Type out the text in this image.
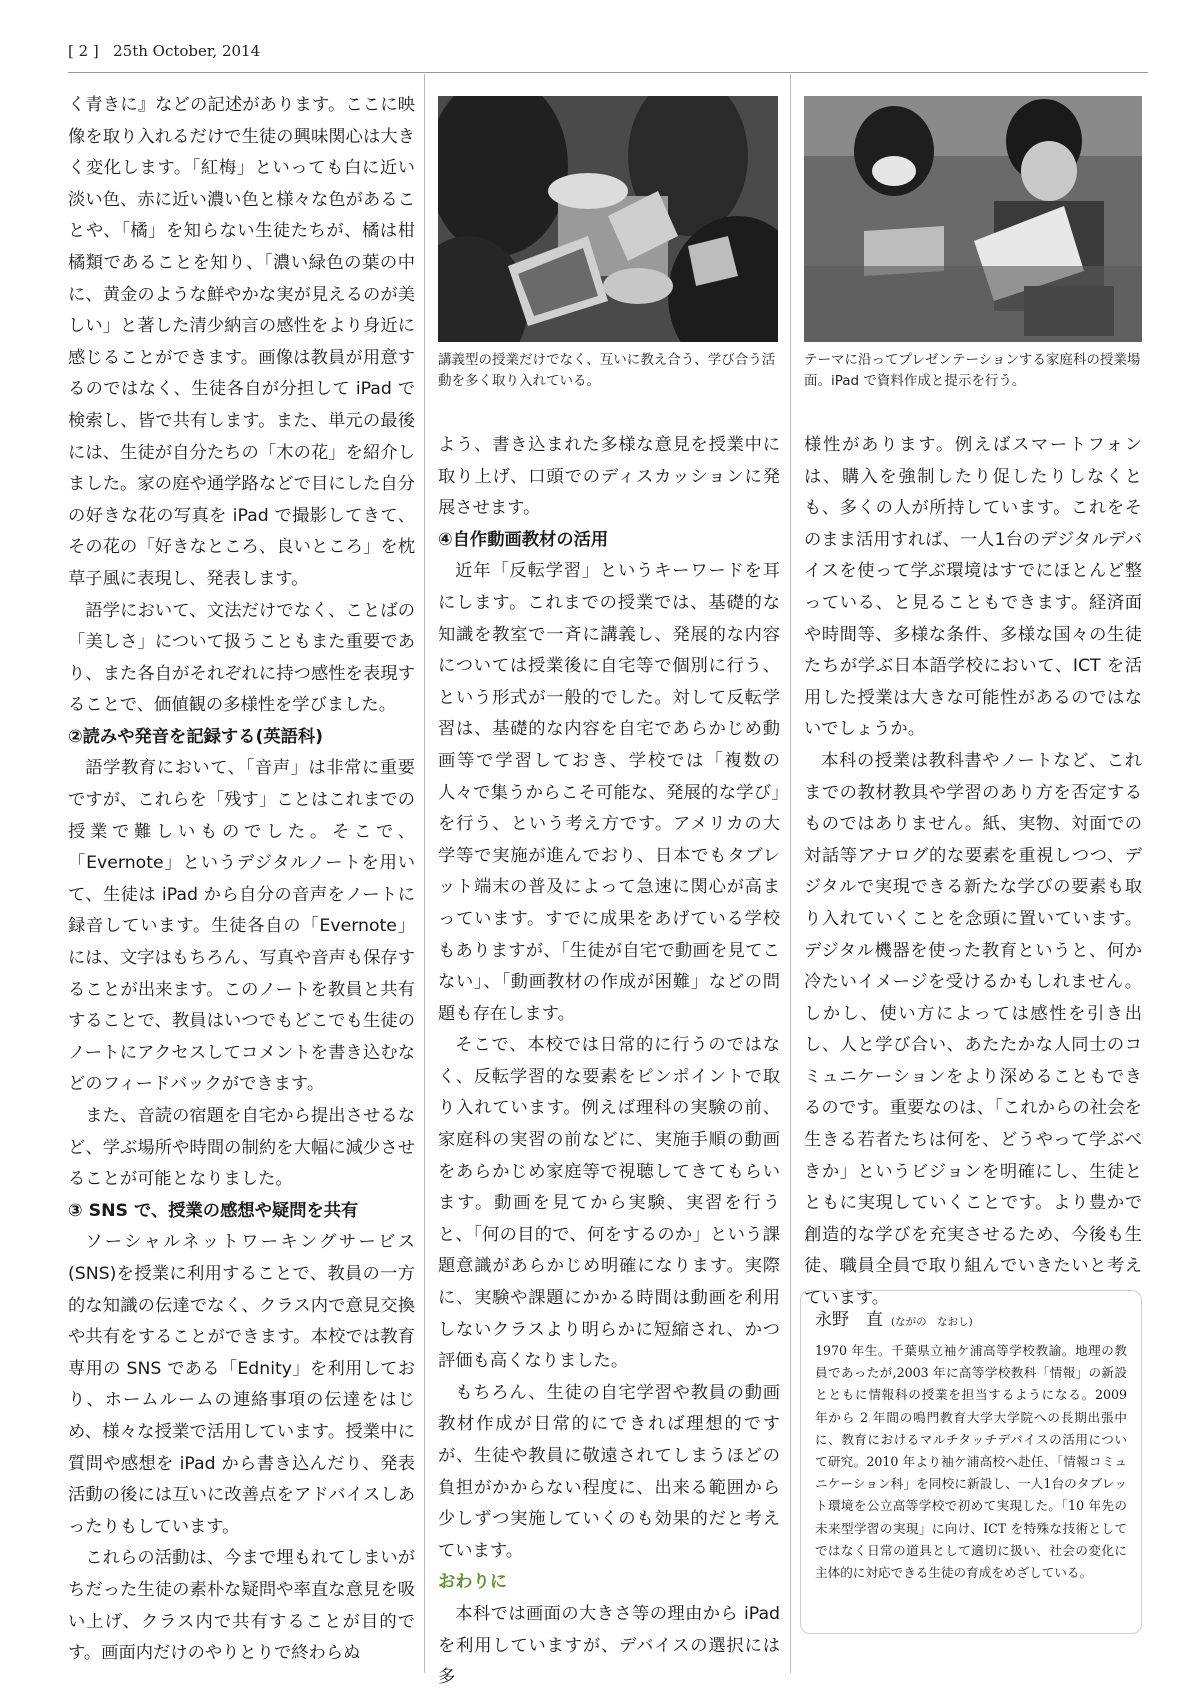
[ 2 ] 25th October, 2014

く青きに』などの記述があります。ここに映像を取り入れるだけで生徒の興味関心は大きく変化します。「紅梅」といっても白に近い淡い色、赤に近い濃い色と様々な色があることや、「橘」を知らない生徒たちが、橘は柑橘類であることを知り、「濃い緑色の葉の中に、黄金のような鮮やかな実が見えるのが美しい」と著した清少納言の感性をより身近に感じることができます。画像は教員が用意するのではなく、生徒各自が分担して iPad で検索し、皆で共有します。また、単元の最後には、生徒が自分たちの「木の花」を紹介しました。家の庭や通学路などで目にした自分の好きな花の写真を iPad で撮影してきて、その花の「好きなところ、良いところ」を枕草子風に表現し、発表します。

語学において、文法だけでなく、ことばの「美しさ」について扱うこともまた重要であり、また各自がそれぞれに持つ感性を表現することで、価値観の多様性を学びました。

②読みや発音を記録する(英語科)

語学教育において、「音声」は非常に重要ですが、これらを「残す」ことはこれまでの授業で難しいものでした。そこで、「Evernote」というデジタルノートを用いて、生徒は iPad から自分の音声をノートに録音しています。生徒各自の「Evernote」には、文字はもちろん、写真や音声も保存することが出来ます。このノートを教員と共有することで、教員はいつでもどこでも生徒のノートにアクセスしてコメントを書き込むなどのフィードバックができます。

また、音読の宿題を自宅から提出させるなど、学ぶ場所や時間の制約を大幅に減少させることが可能となりました。

③ SNS で、授業の感想や疑問を共有

ソーシャルネットワーキングサービス(SNS)を授業に利用することで、教員の一方的な知識の伝達でなく、クラス内で意見交換や共有をすることができます。本校では教育専用の SNS である「Ednity」を利用しており、ホームルームの連絡事項の伝達をはじめ、様々な授業で活用しています。授業中に質問や感想を iPad から書き込んだり、発表活動の後には互いに改善点をアドバイスしあったりもしています。

これらの活動は、今まで埋もれてしまいがちだった生徒の素朴な疑問や率直な意見を吸い上げ、クラス内で共有することが目的です。画面内だけのやりとりで終わらぬ

講義型の授業だけでなく、互いに教え合う、学び合う活動を多く取り入れている。
テーマに沿ってプレゼンテーションする家庭科の授業場面。iPad で資料作成と提示を行う。

よう、書き込まれた多様な意見を授業中に取り上げ、口頭でのディスカッションに発展させます。

④自作動画教材の活用

近年「反転学習」というキーワードを耳にします。これまでの授業では、基礎的な知識を教室で一斉に講義し、発展的な内容については授業後に自宅等で個別に行う、という形式が一般的でした。対して反転学習は、基礎的な内容を自宅であらかじめ動画等で学習しておき、学校では「複数の人々で集うからこそ可能な、発展的な学び」を行う、という考え方です。アメリカの大学等で実施が進んでおり、日本でもタブレット端末の普及によって急速に関心が高まっています。すでに成果をあげている学校もありますが、「生徒が自宅で動画を見てこない」、「動画教材の作成が困難」などの問題も存在します。

そこで、本校では日常的に行うのではなく、反転学習的な要素をピンポイントで取り入れています。例えば理科の実験の前、家庭科の実習の前などに、実施手順の動画をあらかじめ家庭等で視聴してきてもらいます。動画を見てから実験、実習を行うと、「何の目的で、何をするのか」という課題意識があらかじめ明確になります。実際に、実験や課題にかかる時間は動画を利用しないクラスより明らかに短縮され、かつ評価も高くなりました。

もちろん、生徒の自宅学習や教員の動画教材作成が日常的にできれば理想的ですが、生徒や教員に敬遠されてしまうほどの負担がかからない程度に、出来る範囲から少しずつ実施していくのも効果的だと考えています。

おわりに

本科では画面の大きさ等の理由から iPad を利用していますが、デバイスの選択には多

様性があります。例えばスマートフォンは、購入を強制したり促したりしなくとも、多くの人が所持しています。これをそのまま活用すれば、一人1台のデジタルデバイスを使って学ぶ環境はすでにほとんど整っている、と見ることもできます。経済面や時間等、多様な条件、多様な国々の生徒たちが学ぶ日本語学校において、ICT を活用した授業は大きな可能性があるのではないでしょうか。

本科の授業は教科書やノートなど、これまでの教材教具や学習のあり方を否定するものではありません。紙、実物、対面での対話等アナログ的な要素を重視しつつ、デジタルで実現できる新たな学びの要素も取り入れていくことを念頭に置いています。デジタル機器を使った教育というと、何か冷たいイメージを受けるかもしれません。しかし、使い方によっては感性を引き出し、人と学び合い、あたたかな人同士のコミュニケーションをより深めることもできるのです。重要なのは、「これからの社会を生きる若者たちは何を、どうやって学ぶべきか」というビジョンを明確にし、生徒とともに実現していくことです。より豊かで創造的な学びを充実させるため、今後も生徒、職員全員で取り組んでいきたいと考えています。

永野　直 (ながの　なおし)
1970 年生。千葉県立袖ケ浦高等学校教諭。地理の教員であったが,2003 年に高等学校教科「情報」の新設とともに情報科の授業を担当するようになる。2009 年から 2 年間の鳴門教育大学大学院への長期出張中に、教育におけるマルチタッチデバイスの活用について研究。2010 年より袖ケ浦高校へ赴任、「情報コミュニケーション科」を同校に新設し、一人1台のタブレット環境を公立高等学校で初めて実現した。「10 年先の未来型学習の実現」に向け、ICT を特殊な技術としてではなく日常の道具として適切に扱い、社会の変化に主体的に対応できる生徒の育成をめざしている。
